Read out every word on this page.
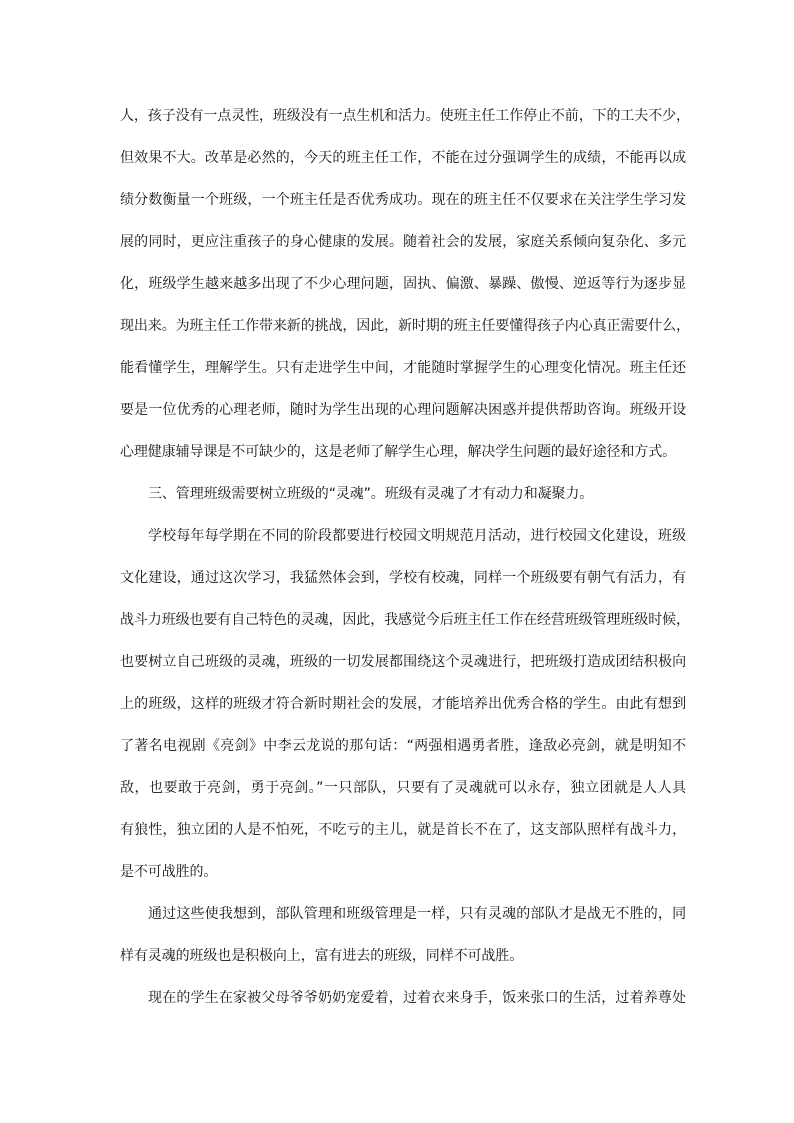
人，孩子没有一点灵性，班级没有一点生机和活力。使班主任工作停止不前，下的工夫不少，
但效果不大。改革是必然的，今天的班主任工作，不能在过分强调学生的成绩，不能再以成
绩分数衡量一个班级，一个班主任是否优秀成功。现在的班主任不仅要求在关注学生学习发
展的同时，更应注重孩子的身心健康的发展。随着社会的发展，家庭关系倾向复杂化、多元
化，班级学生越来越多出现了不少心理问题，固执、偏激、暴躁、傲慢、逆返等行为逐步显
现出来。为班主任工作带来新的挑战，因此，新时期的班主任要懂得孩子内心真正需要什么，
能看懂学生，理解学生。只有走进学生中间，才能随时掌握学生的心理变化情况。班主任还
要是一位优秀的心理老师，随时为学生出现的心理问题解决困惑并提供帮助咨询。班级开设
心理健康辅导课是不可缺少的，这是老师了解学生心理，解决学生问题的最好途径和方式。
三、管理班级需要树立班级的“灵魂”。班级有灵魂了才有动力和凝聚力。
学校每年每学期在不同的阶段都要进行校园文明规范月活动，进行校园文化建设，班级
文化建设，通过这次学习，我猛然体会到，学校有校魂，同样一个班级要有朝气有活力，有
战斗力班级也要有自己特色的灵魂，因此，我感觉今后班主任工作在经营班级管理班级时候，
也要树立自己班级的灵魂，班级的一切发展都围绕这个灵魂进行，把班级打造成团结积极向
上的班级，这样的班级才符合新时期社会的发展，才能培养出优秀合格的学生。由此有想到
了著名电视剧《亮剑》中李云龙说的那句话：“两强相遇勇者胜，逢敌必亮剑，就是明知不
敌，也要敢于亮剑，勇于亮剑。”一只部队，只要有了灵魂就可以永存，独立团就是人人具
有狼性，独立团的人是不怕死，不吃亏的主儿，就是首长不在了，这支部队照样有战斗力，
是不可战胜的。
通过这些使我想到，部队管理和班级管理是一样，只有灵魂的部队才是战无不胜的，同
样有灵魂的班级也是积极向上，富有进去的班级，同样不可战胜。
现在的学生在家被父母爷爷奶奶宠爱着，过着衣来身手，饭来张口的生活，过着养尊处
